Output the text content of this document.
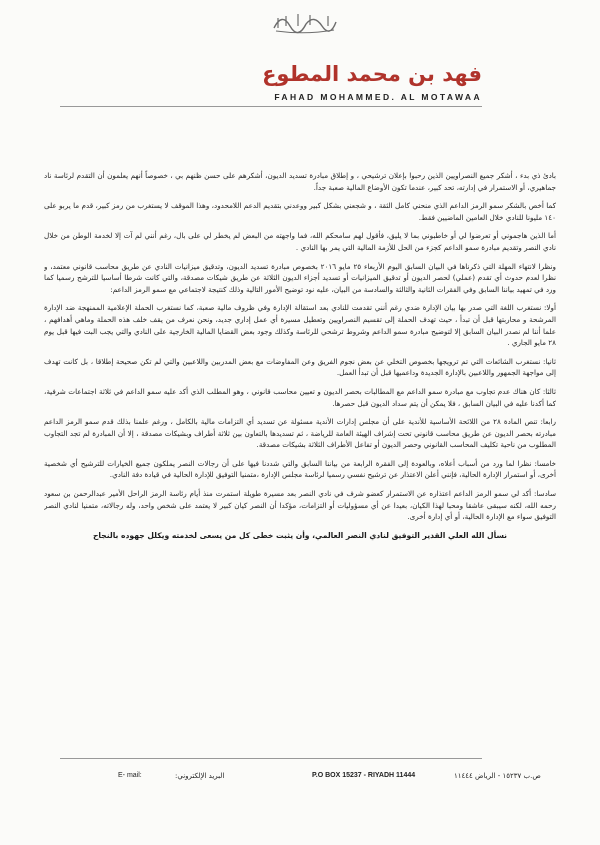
فهد بن محمد المطوع
FAHAD MOHAMMED. AL MOTAWAA

بادئ ذي بدء ، أشكر جميع النصراويين الذين رحبوا بإعلان ترشيحي ، و إطلاق مبادرة تسديد الديون، أشكرهم على حسن ظنهم بي ، خصوصاً أنهم يعلمون أن التقدم لرئاسة ناد جماهيري، أو الاستمرار في إدارته، تحد كبير، عندما تكون الأوضاع المالية صعبة جداً.

كما أخص بالشكر سمو الرمز الداعم الذي منحني كامل الثقة ، و شجعني بشكل كبير ووعدني بتقديم الدعم اللامحدود، وهذا الموقف لا يستغرب من رمز كبير، قدم ما يربو على ١٤٠ مليونا للنادي خلال العامين الماضيين فقط.

أما الذين هاجموني أو تعرضوا لي أو خاطبوني بما لا يليق، فأقول لهم سامحكم الله، فما واجهته من البعض لم يخطر لي على بال، رغم أنني لم آت إلا لخدمة الوطن من خلال نادي النصر وتقديم مبادرة سمو الداعم كجزء من الحل للأزمة المالية التي يمر بها النادي .

ونظرا لانتهاء المهلة التي ذكرناها في البيان السابق اليوم الأربعاء ٢٥ مايو ٢٠١٦ بخصوص مبادرة تسديد الديون، وتدقيق ميزانيات النادي عن طريق محاسب قانوني معتمد، و نظرا لعدم حدوث أي تقدم (عملي) لحصر الديون أو تدقيق الميزانيات أو تسديد أجزاء الديون الثلاثة عن طريق شيكات مصدقة، والتي كانت شرطا أساسيا للترشح رسميا كما ورد في تمهيد بياننا السابق وفي الفقرات الثانية والثالثة والسادسة من البيان، عليه نود توضيح الأمور التالية وذلك كنتيجة لاجتماعي مع سمو الرمز الداعم:

أولا: نستغرب اللغة التي صدر بها بيان الإدارة ضدي رغم أنني تقدمت للنادي بعد استقالة الإدارة وفي ظروف مالية صعبة، كما نستغرب الحملة الإعلامية الممنهجة ضد الإدارة المرشحة و محاربتها قبل أن تبدأ ، حيث تهدف الحملة إلى تقسيم النصراويين وتعطيل مسيرة أي عمل إداري جديد، ونحن نعرف من يقف خلف هذه الحملة وماهي أهدافهم ، علما أننا لم نصدر البيان السابق إلا لتوضيح مبادرة سمو الداعم وشروط ترشحي للرئاسة وكذلك وجود بعض القضايا المالية الخارجية على النادي والتي يجب البت فيها قبل يوم ٢٨ مايو الجاري .

ثانيا: نستغرب الشائعات التي تم ترويجها بخصوص التخلي عن بعض نجوم الفريق وعن المفاوضات مع بعض المدربين واللاعبين والتي لم تكن صحيحة إطلاقا ، بل كانت تهدف إلى مواجهة الجمهور واللاعبين بالإدارة الجديدة وداعميها قبل أن تبدأ العمل.

ثالثا: كان هناك عدم تجاوب مع مبادرة سمو الداعم مع المطالبات بحصر الديون و تعيين محاسب قانوني ، وهو المطلب الذي أكد عليه سمو الداعم في ثلاثة اجتماعات شرفية، كما أكدنا عليه في البيان السابق ، فلا يمكن أن يتم سداد الديون قبل حصرها.

رابعا: تنص المادة ٢٨ من اللائحة الأساسية للأندية على أن مجلس إدارات الأندية مسئولة عن تسديد أي التزامات مالية بالكامل ، ورغم علمنا بذلك قدم سمو الرمز الداعم مبادرته بحصر الديون عن طريق محاسب قانوني تحت إشراف الهيئة العامة للرياضة ، ثم تسديدها بالتعاون بين ثلاثة أطراف وبشيكات مصدقة ، إلا أن المبادرة لم تجد التجاوب المطلوب من ناحية تكليف المحاسب القانوني وحصر الديون أو تفاعل الأطراف الثلاثة بشيكات مصدقة.

خامسا: نظرا لما ورد من أسباب أعلاه، وبالعودة إلى الفقرة الرابعة من بياننا السابق والتي شددنا فيها على أن رجالات النصر يملكون جميع الخيارات للترشيح أي شخصية أخرى، أو استمرار الإدارة الحالية، فإنني أعلن الاعتذار عن ترشيح نفسي رسميا لرئاسة مجلس الإدارة ،متمنيا التوفيق للإدارة الحالية في قيادة دفة النادي.

سادسا: أكد لي سمو الرمز الداعم اعتذاره عن الاستمرار كعضو شرف في نادي النصر بعد مسيرة طويلة استمرت منذ أيام رئاسة الرمز الراحل الأمير عبدالرحمن بن سعود رحمه الله، لكنه سيبقى عاشقا ومحبا لهذا الكيان، بعيدا عن أي مسؤوليات أو التزامات، مؤكدا أن النصر كيان كبير لا يعتمد على شخص واحد، وله رجالاته، متمنيا لنادي النصر التوفيق سواء مع الإدارة الحالية، أو أي إدارة أخرى.

نسأل الله العلي القدير التوفيق لنادي النصر العالمي، وأن يثبت خطى كل من يسعى لخدمته ويكلل جهوده بالنجاح

E- mail:	البريد الإلكتروني:	P.O BOX 15237 - RIYADH 11444	ص.ب ١٥٢٣٧ - الرياض ١١٤٤٤
